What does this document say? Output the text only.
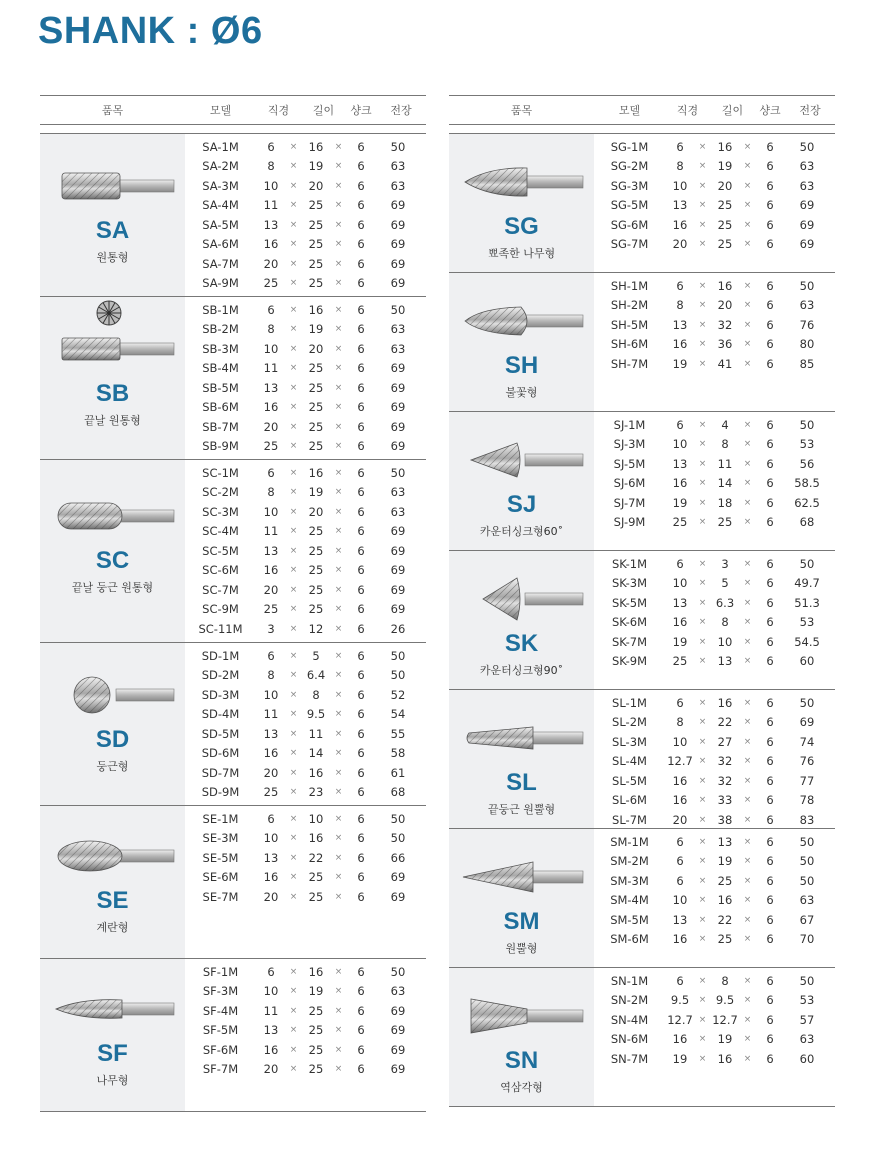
SHANK : Ø6
품목	모델	직경	길이	샹크	전장
SA
원통형
SA-1M	6	× 16	×	6	50
SA-2M	8	× 19	×	6	63
SA-3M	10	× 20	×	6	63
SA-4M	11	× 25	×	6	69
SA-5M	13	× 25	×	6	69
SA-6M	16	× 25	×	6	69
SA-7M	20	× 25	×	6	69
SA-9M	25	× 25	×	6	69
SB
끝날 원통형
SB-1M	6	× 16	×	6	50
SB-2M	8	× 19	×	6	63
SB-3M	10	× 20	×	6	63
SB-4M	11	× 25	×	6	69
SB-5M	13	× 25	×	6	69
SB-6M	16	× 25	×	6	69
SB-7M	20	× 25	×	6	69
SB-9M	25	× 25	×	6	69
SC
끝날 둥근 원통형
SC-1M	6	× 16	×	6	50
SC-2M	8	× 19	×	6	63
SC-3M	10	× 20	×	6	63
SC-4M	11	× 25	×	6	69
SC-5M	13	× 25	×	6	69
SC-6M	16	× 25	×	6	69
SC-7M	20	× 25	×	6	69
SC-9M	25	× 25	×	6	69
SC-11M	3	× 12	×	6	26
SD
둥근형
SD-1M	6	×	5	×	6	50
SD-2M	8	× 6.4	×	6	50
SD-3M	10	×	8	×	6	52
SD-4M	11	× 9.5	×	6	54
SD-5M	13	× 11	×	6	55
SD-6M	16	× 14	×	6	58
SD-7M	20	× 16	×	6	61
SD-9M	25	× 23	×	6	68
SE
계란형
SE-1M	6	× 10	×	6	50
SE-3M	10	× 16	×	6	50
SE-5M	13	× 22	×	6	66
SE-6M	16	× 25	×	6	69
SE-7M	20	× 25	×	6	69
SF
나무형
SF-1M	6	× 16	×	6	50
SF-3M	10	× 19	×	6	63
SF-4M	11	× 25	×	6	69
SF-5M	13	× 25	×	6	69
SF-6M	16	× 25	×	6	69
SF-7M	20	× 25	×	6	69
품목	모델	직경	길이	샹크	전장
SG
뾰족한 나무형
SG-1M	6	× 16	×	6	50
SG-2M	8	× 19	×	6	63
SG-3M	10	× 20	×	6	63
SG-5M	13	× 25	×	6	69
SG-6M	16	× 25	×	6	69
SG-7M	20	× 25	×	6	69
SH
불꽃형
SH-1M	6	× 16	×	6	50
SH-2M	8	× 20	×	6	63
SH-5M	13	× 32	×	6	76
SH-6M	16	× 36	×	6	80
SH-7M	19	× 41	×	6	85
SJ
카운터싱크형60˚
SJ-1M	6	×	4	×	6	50
SJ-3M	10	×	8	×	6	53
SJ-5M	13	× 11	×	6	56
SJ-6M	16	× 14	×	6	58.5
SJ-7M	19	× 18	×	6	62.5
SJ-9M	25	× 25	×	6	68
SK
카운터싱크형90˚
SK-1M	6	×	3	×	6	50
SK-3M	10	×	5	×	6	49.7
SK-5M	13	× 6.3	×	6	51.3
SK-6M	16	×	8	×	6	53
SK-7M	19	× 10	×	6	54.5
SK-9M	25	× 13	×	6	60
SL
끝둥근 원뿔형
SL-1M	6	× 16	×	6	50
SL-2M	8	× 22	×	6	69
SL-3M	10	× 27	×	6	74
SL-4M	12.7 × 32	×	6	76
SL-5M	16	× 32	×	6	77
SL-6M	16	× 33	×	6	78
SL-7M	20	× 38	×	6	83
SM
원뿔형
SM-1M	6	× 13	×	6	50
SM-2M	6	× 19	×	6	50
SM-3M	6	× 25	×	6	50
SM-4M	10	× 16	×	6	63
SM-5M	13	× 22	×	6	67
SM-6M	16	× 25	×	6	70
SN
역삼각형
SN-1M	6	×	8	×	6	50
SN-2M	9.5	× 9.5	×	6	53
SN-4M	12.7 × 12.7 ×	6	57
SN-6M	16	× 19	×	6	63
SN-7M	19	× 16	×	6	60
